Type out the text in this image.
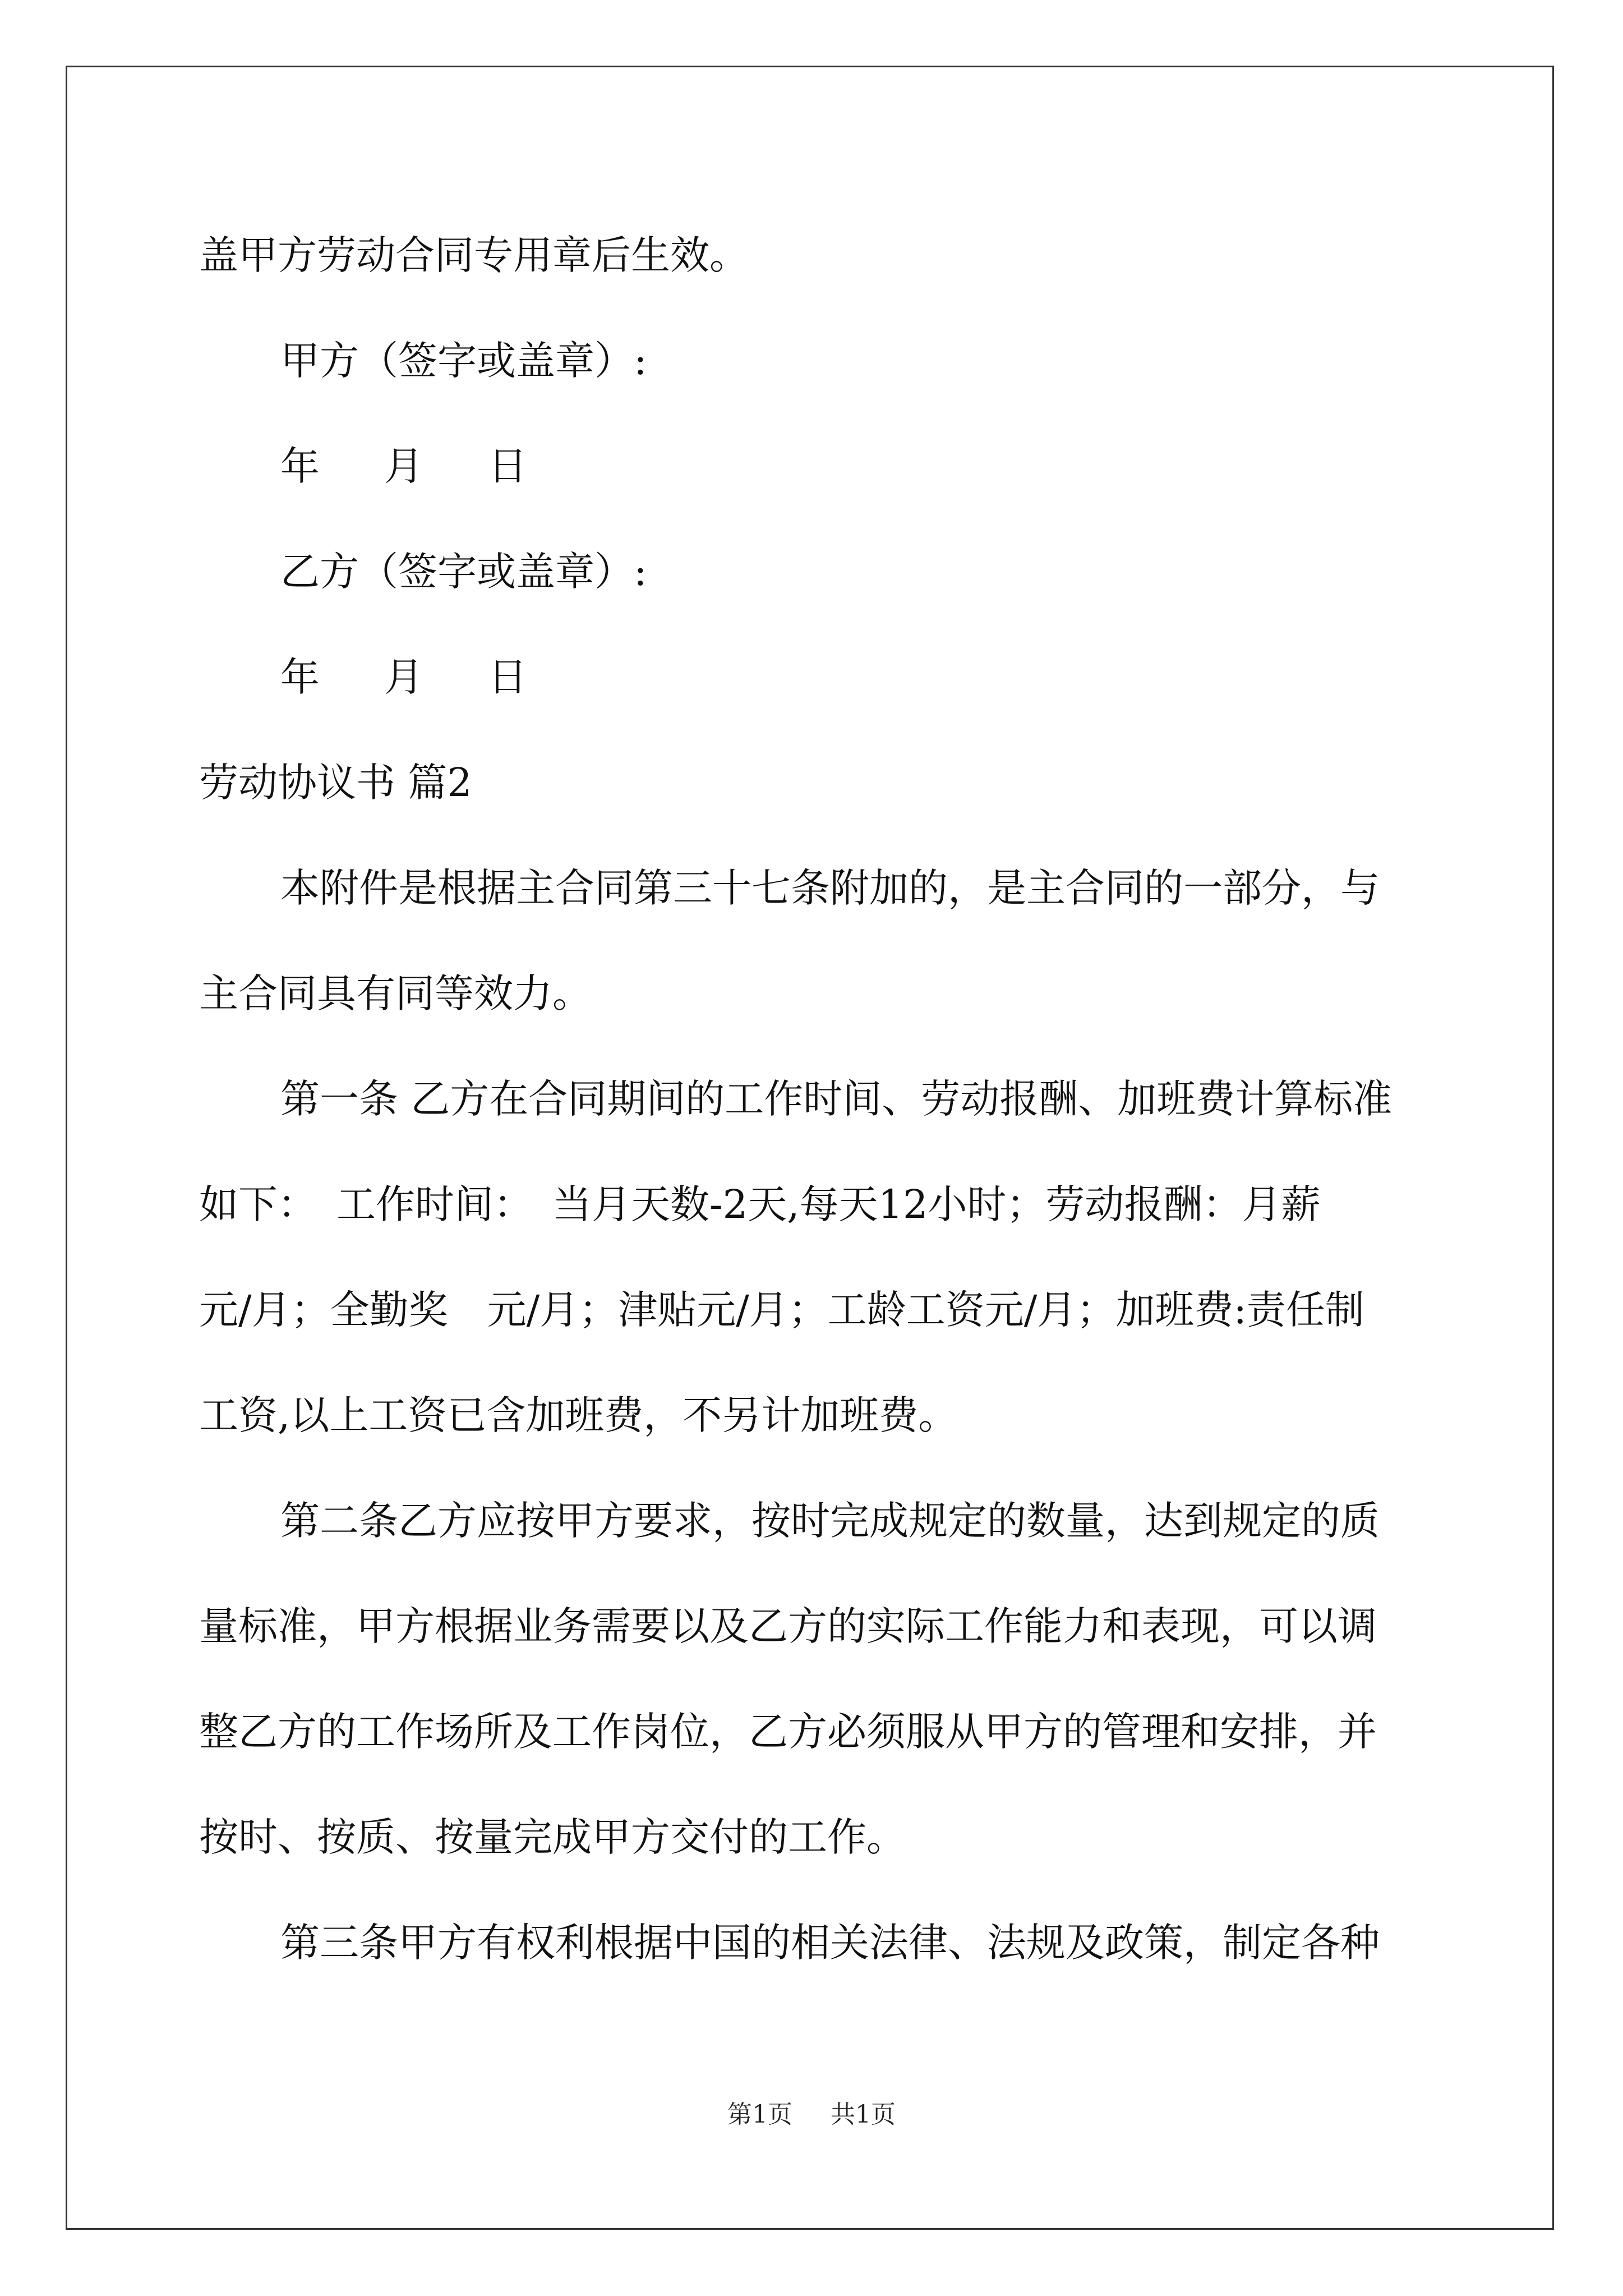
盖甲方劳动合同专用章后生效。
甲方（签字或盖章）:
年 月 日
乙方（签字或盖章）:
年 月 日
劳动协议书 篇2
本附件是根据主合同第三十七条附加的，是主合同的一部分，与
主合同具有同等效力。
第一条 乙方在合同期间的工作时间、劳动报酬、加班费计算标准
如下：　工作时间：　当月天数-2天,每天12小时；劳动报酬：月薪
元/月；全勤奖　元/月；津贴元/月；工龄工资元/月；加班费:责任制
工资,以上工资已含加班费，不另计加班费。
第二条乙方应按甲方要求，按时完成规定的数量，达到规定的质
量标准，甲方根据业务需要以及乙方的实际工作能力和表现，可以调
整乙方的工作场所及工作岗位，乙方必须服从甲方的管理和安排，并
按时、按质、按量完成甲方交付的工作。
第三条甲方有权利根据中国的相关法律、法规及政策，制定各种
第1页 共1页
